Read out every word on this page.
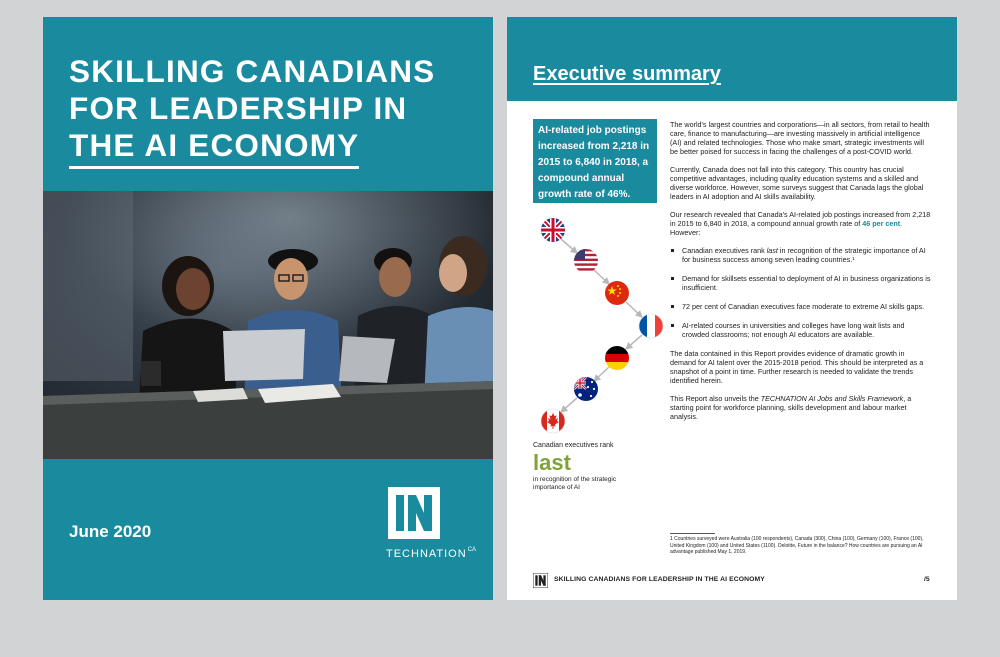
SKILLING CANADIANS
FOR LEADERSHIP IN
THE AI ECONOMY
June 2020
$TECHNATION^{CA}$
Executive summary
AI-related job postings increased from 2,218 in 2015 to 6,840 in 2018, a compound annual growth rate of 46%.
Canadian executives rank
last
in recognition of the strategic importance of AI

The world's largest countries and corporations—in all sectors, from retail to health care, finance to manufacturing—are investing massively in artificial intelligence (AI) and related technologies. Those who make smart, strategic investments will be better poised for success in facing the challenges of a post-COVID world.

Currently, Canada does not fall into this category. This country has crucial competitive advantages, including quality education systems and a skilled and diverse workforce. However, some surveys suggest that Canada lags the global leaders in AI adoption and AI skills availability.

Our research revealed that Canada's AI-related job postings increased from 2,218 in 2015 to 6,840 in 2018, a compound annual growth rate of 46 per cent. However:

Canadian executives rank last in recognition of the strategic importance of AI for business success among seven leading countries.¹
Demand for skillsets essential to deployment of AI in business organizations is insufficient.
72 per cent of Canadian executives face moderate to extreme AI skills gaps.
AI-related courses in universities and colleges have long wait lists and crowded classrooms; not enough AI educators are available.

The data contained in this Report provides evidence of dramatic growth in demand for AI talent over the 2015-2018 period. This should be interpreted as a snapshot of a point in time. Further research is needed to validate the trends identified herein.

This Report also unveils the TECHNATION AI Jobs and Skills Framework, a starting point for workforce planning, skills development and labour market analysis.

1 Countries surveyed were Australia (100 respondents), Canada (300), China (100), Germany (100), France (100), United Kingdom (100) and United States (1100). Deloitte, Future in the balance? How countries are pursuing an AI advantage published May 1, 2019.
SKILLING CANADIANS FOR LEADERSHIP IN THE AI ECONOMY	/5
